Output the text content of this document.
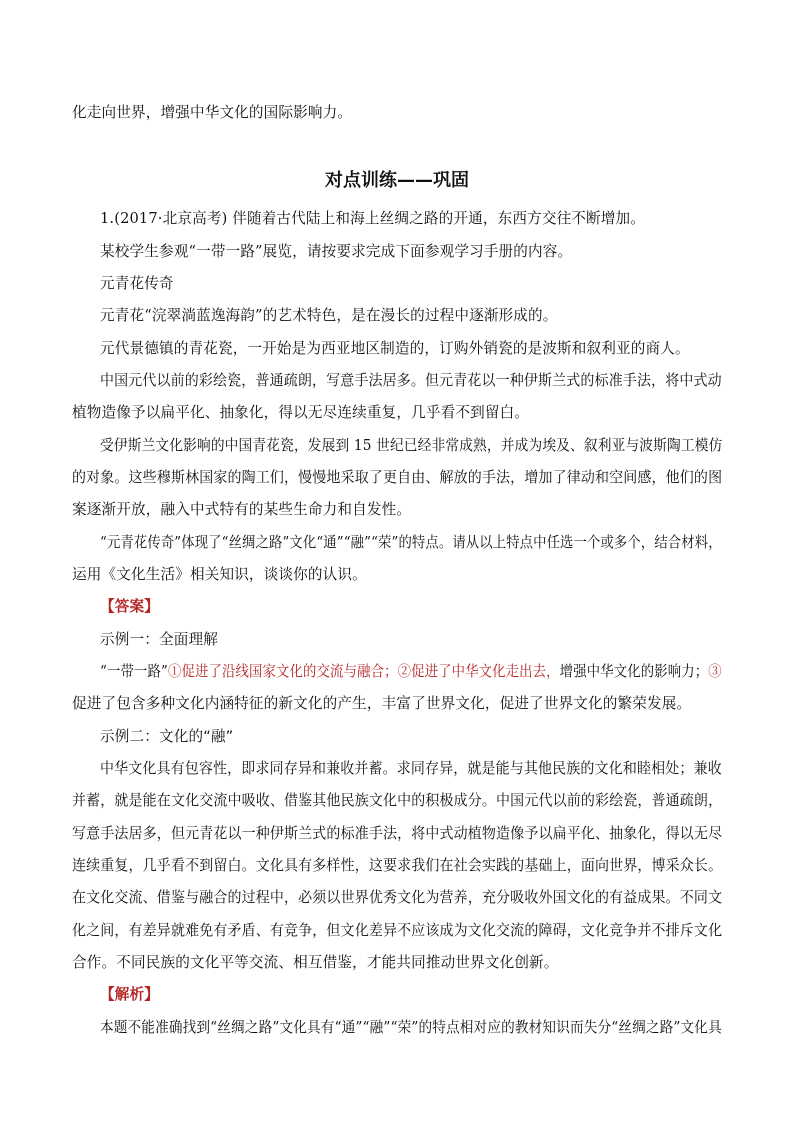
化走向世界，增强中华文化的国际影响力。
对点训练——巩固
1.(2017·北京高考) 伴随着古代陆上和海上丝绸之路的开通，东西方交往不断增加。
某校学生参观“一带一路”展览，请按要求完成下面参观学习手册的内容。
元青花传奇
元青花“浣翠淌蓝逸海韵”的艺术特色，是在漫长的过程中逐渐形成的。
元代景德镇的青花瓷，一开始是为西亚地区制造的，订购外销瓷的是波斯和叙利亚的商人。
中国元代以前的彩绘瓷，普通疏朗，写意手法居多。但元青花以一种伊斯兰式的标准手法，将中式动
植物造像予以扁平化、抽象化，得以无尽连续重复，几乎看不到留白。
受伊斯兰文化影响的中国青花瓷，发展到 15 世纪已经非常成熟，并成为埃及、叙利亚与波斯陶工模仿
的对象。这些穆斯林国家的陶工们，慢慢地采取了更自由、解放的手法，增加了律动和空间感，他们的图
案逐渐开放，融入中式特有的某些生命力和自发性。
“元青花传奇”体现了“丝绸之路”文化“通”“融”“荣”的特点。请从以上特点中任选一个或多个，结合材料，
运用《文化生活》相关知识，谈谈你的认识。
【答案】
示例一：全面理解
“一带一路”①促进了沿线国家文化的交流与融合；②促进了中华文化走出去，增强中华文化的影响力；③
促进了包含多种文化内涵特征的新文化的产生，丰富了世界文化，促进了世界文化的繁荣发展。
示例二：文化的“融”
中华文化具有包容性，即求同存异和兼收并蓄。求同存异，就是能与其他民族的文化和睦相处；兼收
并蓄，就是能在文化交流中吸收、借鉴其他民族文化中的积极成分。中国元代以前的彩绘瓷，普通疏朗，
写意手法居多，但元青花以一种伊斯兰式的标准手法，将中式动植物造像予以扁平化、抽象化，得以无尽
连续重复，几乎看不到留白。文化具有多样性，这要求我们在社会实践的基础上，面向世界，博采众长。
在文化交流、借鉴与融合的过程中，必须以世界优秀文化为营养，充分吸收外国文化的有益成果。不同文
化之间，有差异就难免有矛盾、有竞争，但文化差异不应该成为文化交流的障碍，文化竞争并不排斥文化
合作。不同民族的文化平等交流、相互借鉴，才能共同推动世界文化创新。
【解析】
本题不能准确找到“丝绸之路”文化具有“通”“融”“荣”的特点相对应的教材知识而失分“丝绸之路”文化具
